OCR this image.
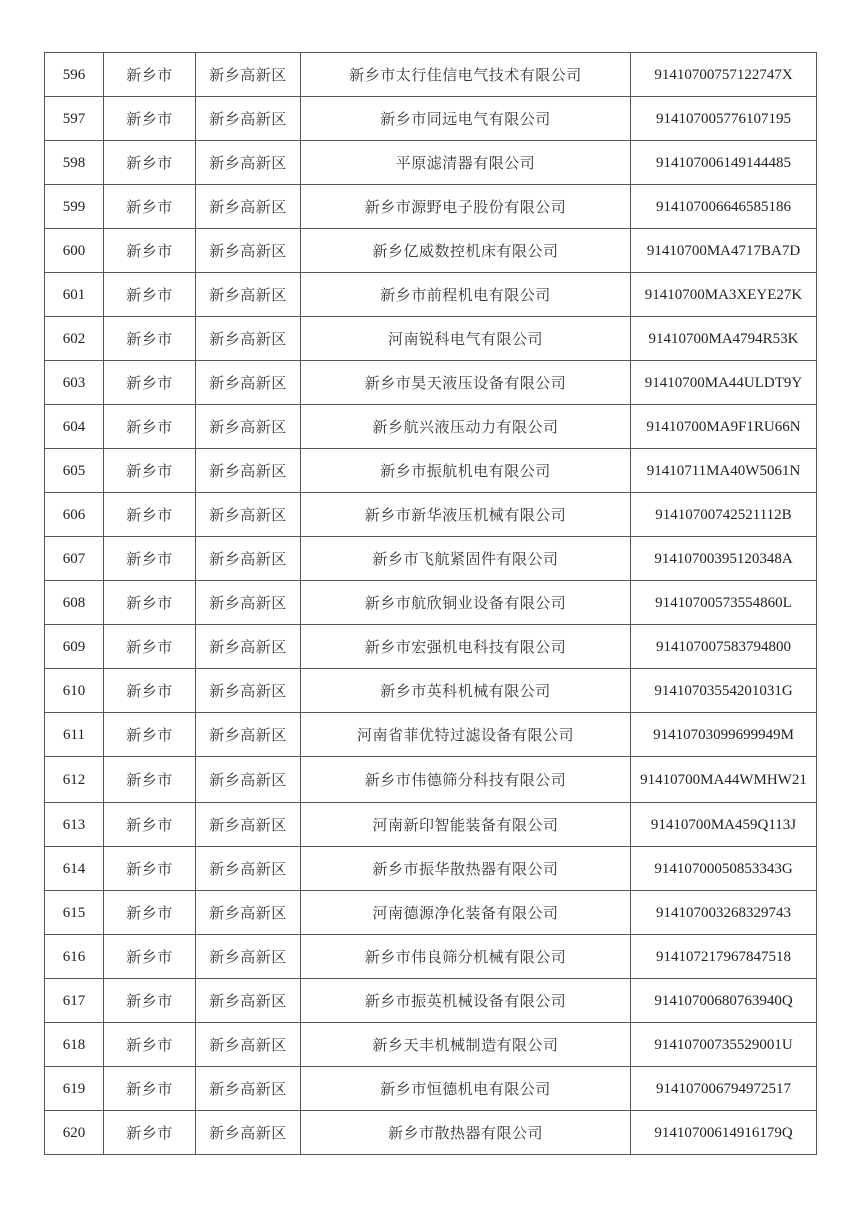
596	新乡市	新乡高新区	新乡市太行佳信电气技术有限公司	91410700757122747X
597	新乡市	新乡高新区	新乡市同远电气有限公司	914107005776107195
598	新乡市	新乡高新区	平原滤清器有限公司	914107006149144485
599	新乡市	新乡高新区	新乡市源野电子股份有限公司	914107006646585186
600	新乡市	新乡高新区	新乡亿威数控机床有限公司	91410700MA4717BA7D
601	新乡市	新乡高新区	新乡市前程机电有限公司	91410700MA3XEYE27K
602	新乡市	新乡高新区	河南锐科电气有限公司	91410700MA4794R53K
603	新乡市	新乡高新区	新乡市昊天液压设备有限公司	91410700MA44ULDT9Y
604	新乡市	新乡高新区	新乡航兴液压动力有限公司	91410700MA9F1RU66N
605	新乡市	新乡高新区	新乡市振航机电有限公司	91410711MA40W5061N
606	新乡市	新乡高新区	新乡市新华液压机械有限公司	91410700742521112B
607	新乡市	新乡高新区	新乡市飞航紧固件有限公司	91410700395120348A
608	新乡市	新乡高新区	新乡市航欣铜业设备有限公司	91410700573554860L
609	新乡市	新乡高新区	新乡市宏强机电科技有限公司	914107007583794800
610	新乡市	新乡高新区	新乡市英科机械有限公司	91410703554201031G
611	新乡市	新乡高新区	河南省菲优特过滤设备有限公司	91410703099699949M
612	新乡市	新乡高新区	新乡市伟德筛分科技有限公司	91410700MA44WMHW21
613	新乡市	新乡高新区	河南新印智能装备有限公司	91410700MA459Q113J
614	新乡市	新乡高新区	新乡市振华散热器有限公司	91410700050853343G
615	新乡市	新乡高新区	河南德源净化装备有限公司	914107003268329743
616	新乡市	新乡高新区	新乡市伟良筛分机械有限公司	914107217967847518
617	新乡市	新乡高新区	新乡市振英机械设备有限公司	91410700680763940Q
618	新乡市	新乡高新区	新乡天丰机械制造有限公司	91410700735529001U
619	新乡市	新乡高新区	新乡市恒德机电有限公司	914107006794972517
620	新乡市	新乡高新区	新乡市散热器有限公司	91410700614916179Q
